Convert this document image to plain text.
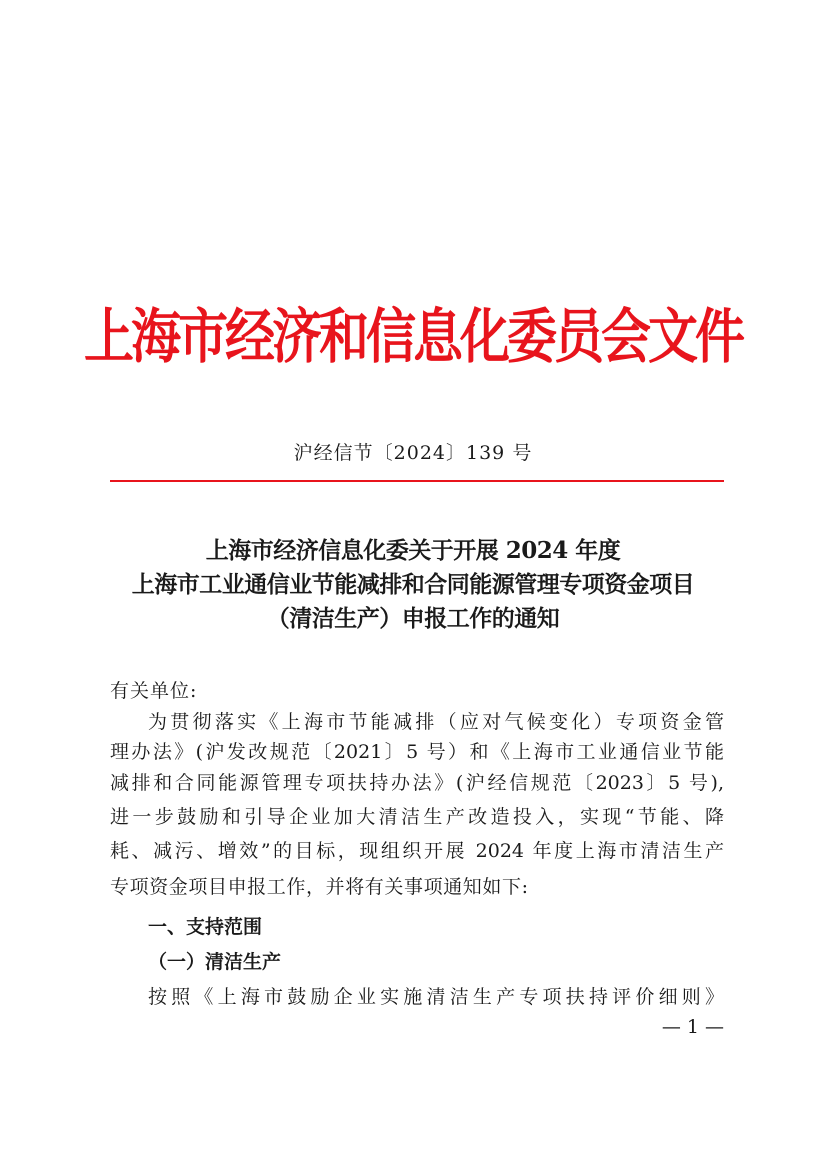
上海市经济和信息化委员会文件
沪经信节〔2024〕139 号
上海市经济信息化委关于开展 2024 年度
上海市工业通信业节能减排和合同能源管理专项资金项目
（清洁生产）申报工作的通知
有关单位:
为贯彻落实《上海市节能减排（应对气候变化）专项资金管
理办法》(沪发改规范〔2021〕5 号）和《上海市工业通信业节能
减排和合同能源管理专项扶持办法》(沪经信规范〔2023〕5 号),
进一步鼓励和引导企业加大清洁生产改造投入，实现“节能、降
耗、减污、增效”的目标，现组织开展 2024 年度上海市清洁生产
专项资金项目申报工作，并将有关事项通知如下:
一、支持范围
（一）清洁生产
按照《上海市鼓励企业实施清洁生产专项扶持评价细则》
— 1 —
